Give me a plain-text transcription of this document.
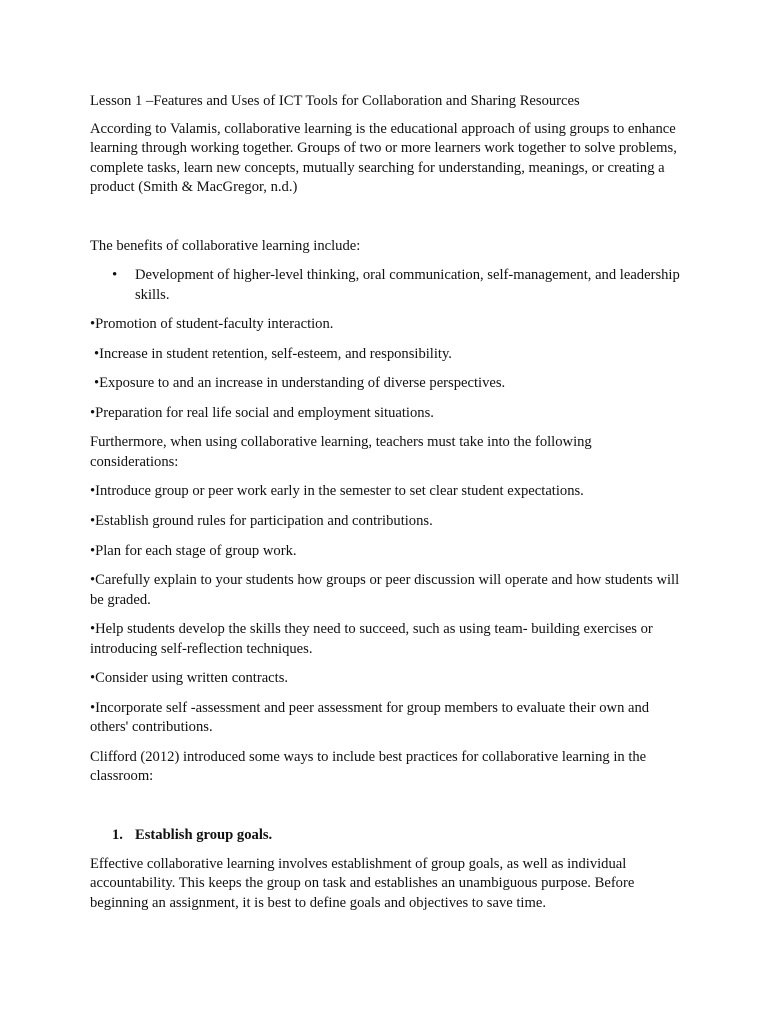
Lesson 1 –Features and Uses of ICT Tools for Collaboration and Sharing Resources

According to Valamis, collaborative learning is the educational approach of using groups to enhance learning through working together. Groups of two or more learners work together to solve problems, complete tasks, learn new concepts, mutually searching for understanding, meanings, or creating a product (Smith & MacGregor, n.d.)

The benefits of collaborative learning include:

• Development of higher-level thinking, oral communication, self-management, and leadership skills.

•Promotion of student-faculty interaction.

•Increase in student retention, self-esteem, and responsibility.

•Exposure to and an increase in understanding of diverse perspectives.

•Preparation for real life social and employment situations.

Furthermore, when using collaborative learning, teachers must take into the following considerations:

•Introduce group or peer work early in the semester to set clear student expectations.

•Establish ground rules for participation and contributions.

•Plan for each stage of group work.

•Carefully explain to your students how groups or peer discussion will operate and how students will be graded.

•Help students develop the skills they need to succeed, such as using team- building exercises or introducing self-reflection techniques.

•Consider using written contracts.

•Incorporate self -assessment and peer assessment for group members to evaluate their own and others' contributions.

Clifford (2012) introduced some ways to include best practices for collaborative learning in the classroom:

1. Establish group goals.

Effective collaborative learning involves establishment of group goals, as well as individual accountability. This keeps the group on task and establishes an unambiguous purpose. Before beginning an assignment, it is best to define goals and objectives to save time.
